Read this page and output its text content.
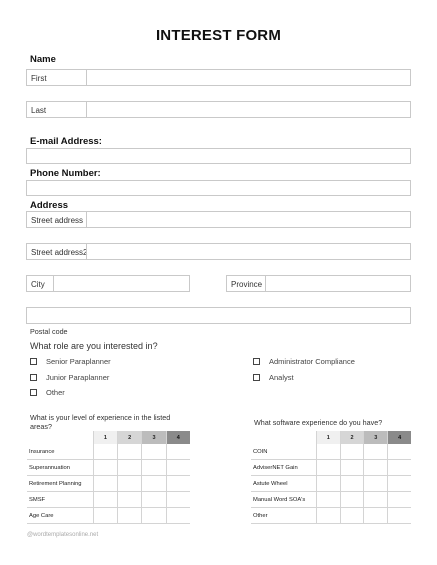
INTEREST FORM
Name
First
Last
E-mail Address:
Phone Number:
Address
Street address
Street address2
City	Province
Postal code
What role are you interested in?
Senior Paraplanner
Junior Paraplanner
Other
Administrator Compliance
Analyst
What is your level of experience in the listed areas?
	1	2	3	4
Insurance				
Superannuation				
Retirement Planning				
SMSF				
Age Care				
What software experience do you have?
	1	2	3	4
COIN				
AdviserNET Gain				
Astute Wheel				
Manual Word SOA's				
Other				
@wordtemplatesonline.net
